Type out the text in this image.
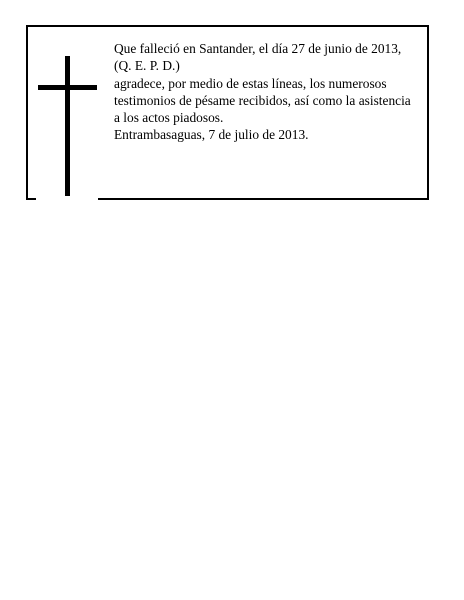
Que falleció en Santander, el día 27 de junio de 2013,
(Q. E. P. D.)
agradece, por medio de estas líneas, los numerosos
testimonios de pésame recibidos, así como la asistencia
a los actos piadosos.
Entrambasaguas, 7 de julio de 2013.
